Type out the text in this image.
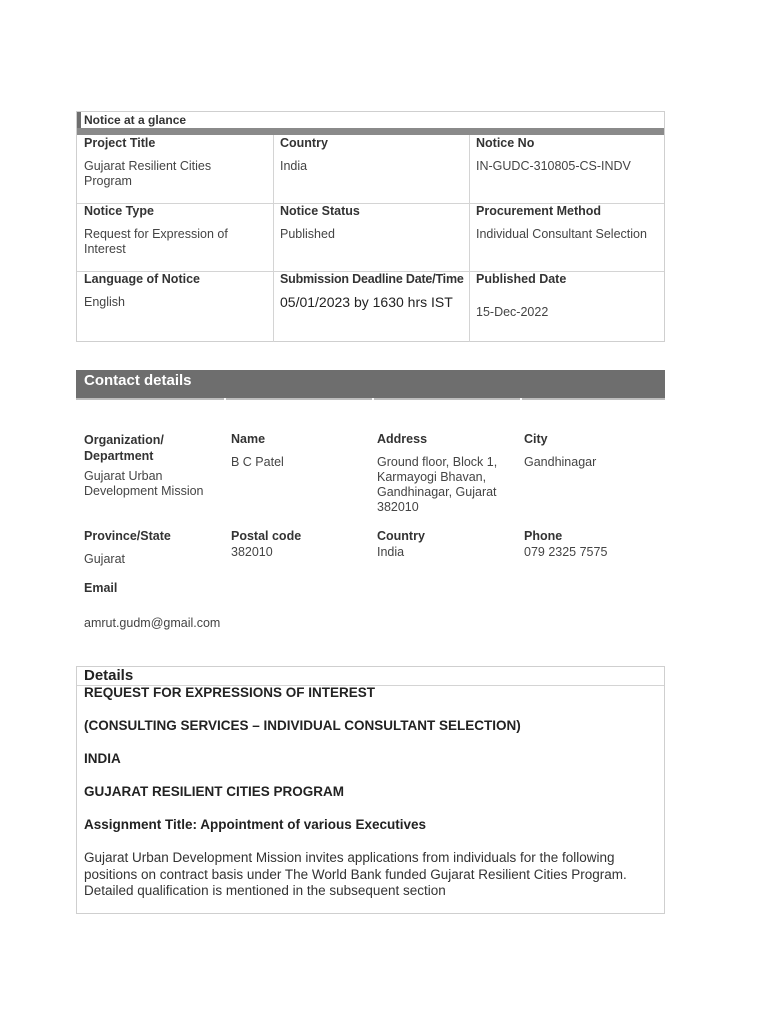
Notice at a glance
Project Title
Gujarat Resilient Cities
Program
Country
India
Notice No
IN-GUDC-310805-CS-INDV
Notice Type
Request for Expression of
Interest
Notice Status
Published
Procurement Method
Individual Consultant Selection
Language of Notice
English
Submission Deadline Date/Time
05/01/2023 by 1630 hrs IST
Published Date
15-Dec-2022
Contact details
Organization/
Department
Gujarat Urban
Development Mission
Name
B C Patel
Address
Ground floor, Block 1,
Karmayogi Bhavan,
Gandhinagar, Gujarat
382010
City
Gandhinagar
Province/State
Gujarat
Postal code
382010
Country
India
Phone
079 2325 7575
Email
amrut.gudm@gmail.com
Details
REQUEST FOR EXPRESSIONS OF INTEREST
(CONSULTING SERVICES – INDIVIDUAL CONSULTANT SELECTION)
INDIA
GUJARAT RESILIENT CITIES PROGRAM
Assignment Title: Appointment of various Executives
Gujarat Urban Development Mission invites applications from individuals for the following
positions on contract basis under The World Bank funded Gujarat Resilient Cities Program.
Detailed qualification is mentioned in the subsequent section
